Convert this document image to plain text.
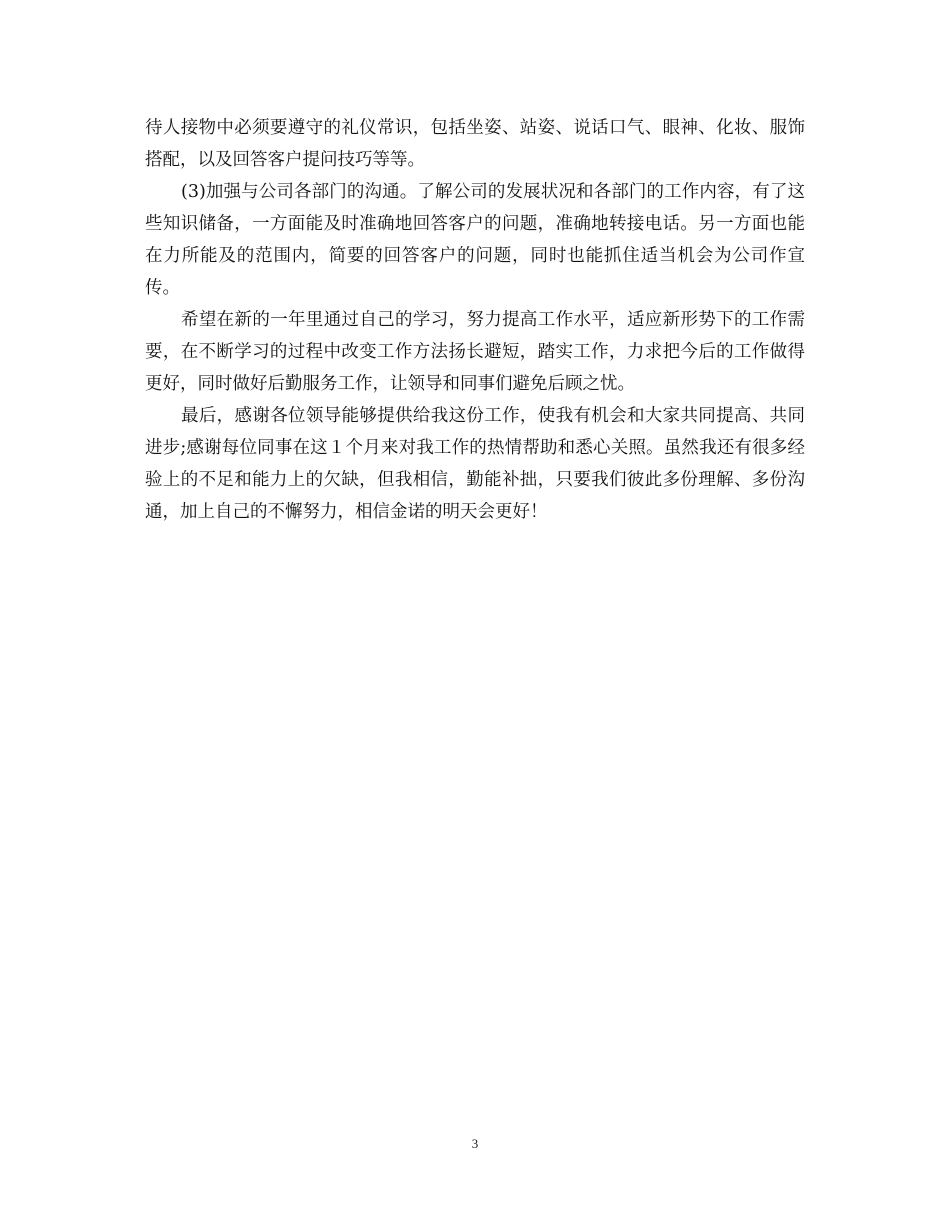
待人接物中必须要遵守的礼仪常识，包括坐姿、站姿、说话口气、眼神、化妆、服饰搭配，以及回答客户提问技巧等等。

(3)加强与公司各部门的沟通。了解公司的发展状况和各部门的工作内容，有了这些知识储备，一方面能及时准确地回答客户的问题，准确地转接电话。另一方面也能在力所能及的范围内，简要的回答客户的问题，同时也能抓住适当机会为公司作宣传。

希望在新的一年里通过自己的学习，努力提高工作水平，适应新形势下的工作需要，在不断学习的过程中改变工作方法扬长避短，踏实工作，力求把今后的工作做得更好，同时做好后勤服务工作，让领导和同事们避免后顾之忧。

最后，感谢各位领导能够提供给我这份工作，使我有机会和大家共同提高、共同进步;感谢每位同事在这１个月来对我工作的热情帮助和悉心关照。虽然我还有很多经验上的不足和能力上的欠缺，但我相信，勤能补拙，只要我们彼此多份理解、多份沟通，加上自己的不懈努力，相信金诺的明天会更好！

3
